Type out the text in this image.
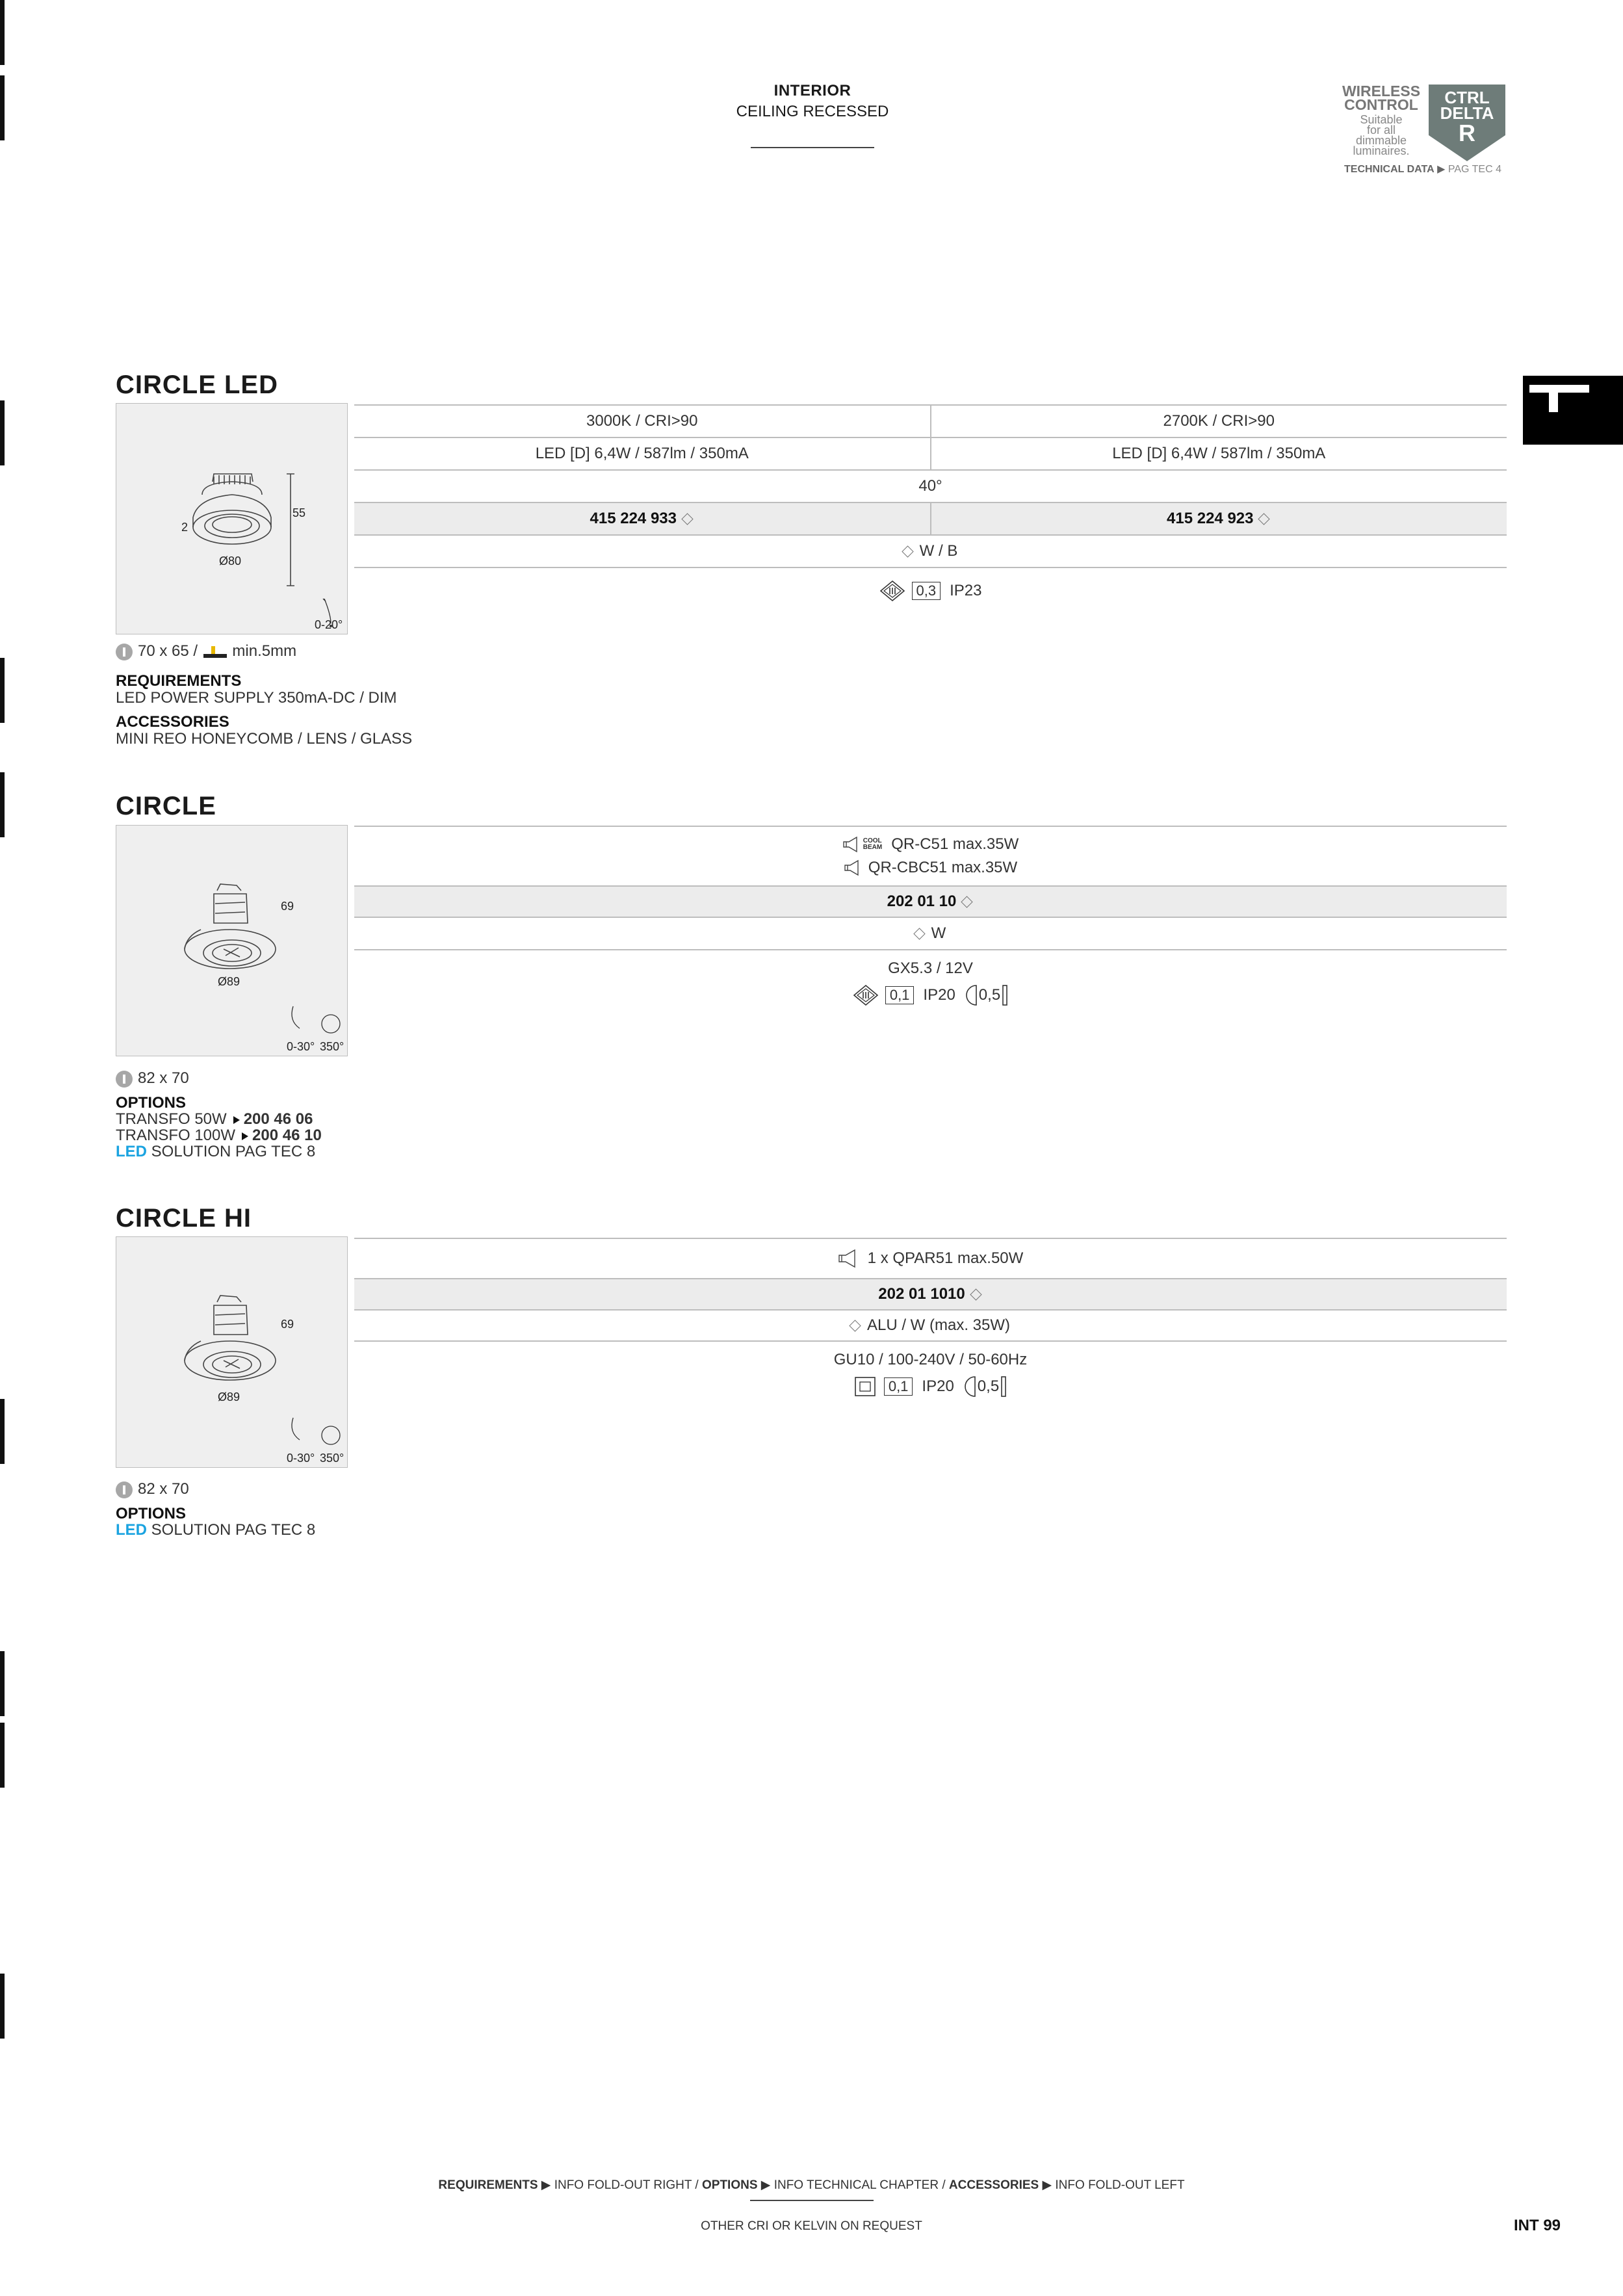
INTERIOR
CEILING RECESSED
WIRELESS
CONTROL
Suitable
for all
dimmable
luminaires.
CTRL
DELTA
R
TECHNICAL DATA ▶ PAG TEC 4
CIRCLE LED
55
2
Ø80
0-20°
3000K / CRI>90	2700K / CRI>90
LED [D] 6,4W / 587lm / 350mA	LED [D] 6,4W / 587lm / 350mA
40°
415 224 933	415 224 923
W / B
0,3 IP23
70 x 65 / min.5mm
REQUIREMENTS
LED POWER SUPPLY 350mA-DC / DIM
ACCESSORIES
MINI REO HONEYCOMB / LENS / GLASS
CIRCLE
69
Ø89
0-30° 350°
COOL
BEAM QR-C51 max.35W
QR-CBC51 max.35W
202 01 10
W
GX5.3 / 12V
0,1 IP20 0,5
82 x 70
OPTIONS
TRANSFO 50W 200 46 06
TRANSFO 100W 200 46 10
LED SOLUTION PAG TEC 8
CIRCLE HI
69
Ø89
0-30° 350°
1 x QPAR51 max.50W
202 01 1010
ALU / W (max. 35W)
GU10 / 100-240V / 50-60Hz
0,1 IP20 0,5
82 x 70
OPTIONS
LED SOLUTION PAG TEC 8
REQUIREMENTS ▶ INFO FOLD-OUT RIGHT / OPTIONS ▶ INFO TECHNICAL CHAPTER / ACCESSORIES ▶ INFO FOLD-OUT LEFT
OTHER CRI OR KELVIN ON REQUEST	INT 99
